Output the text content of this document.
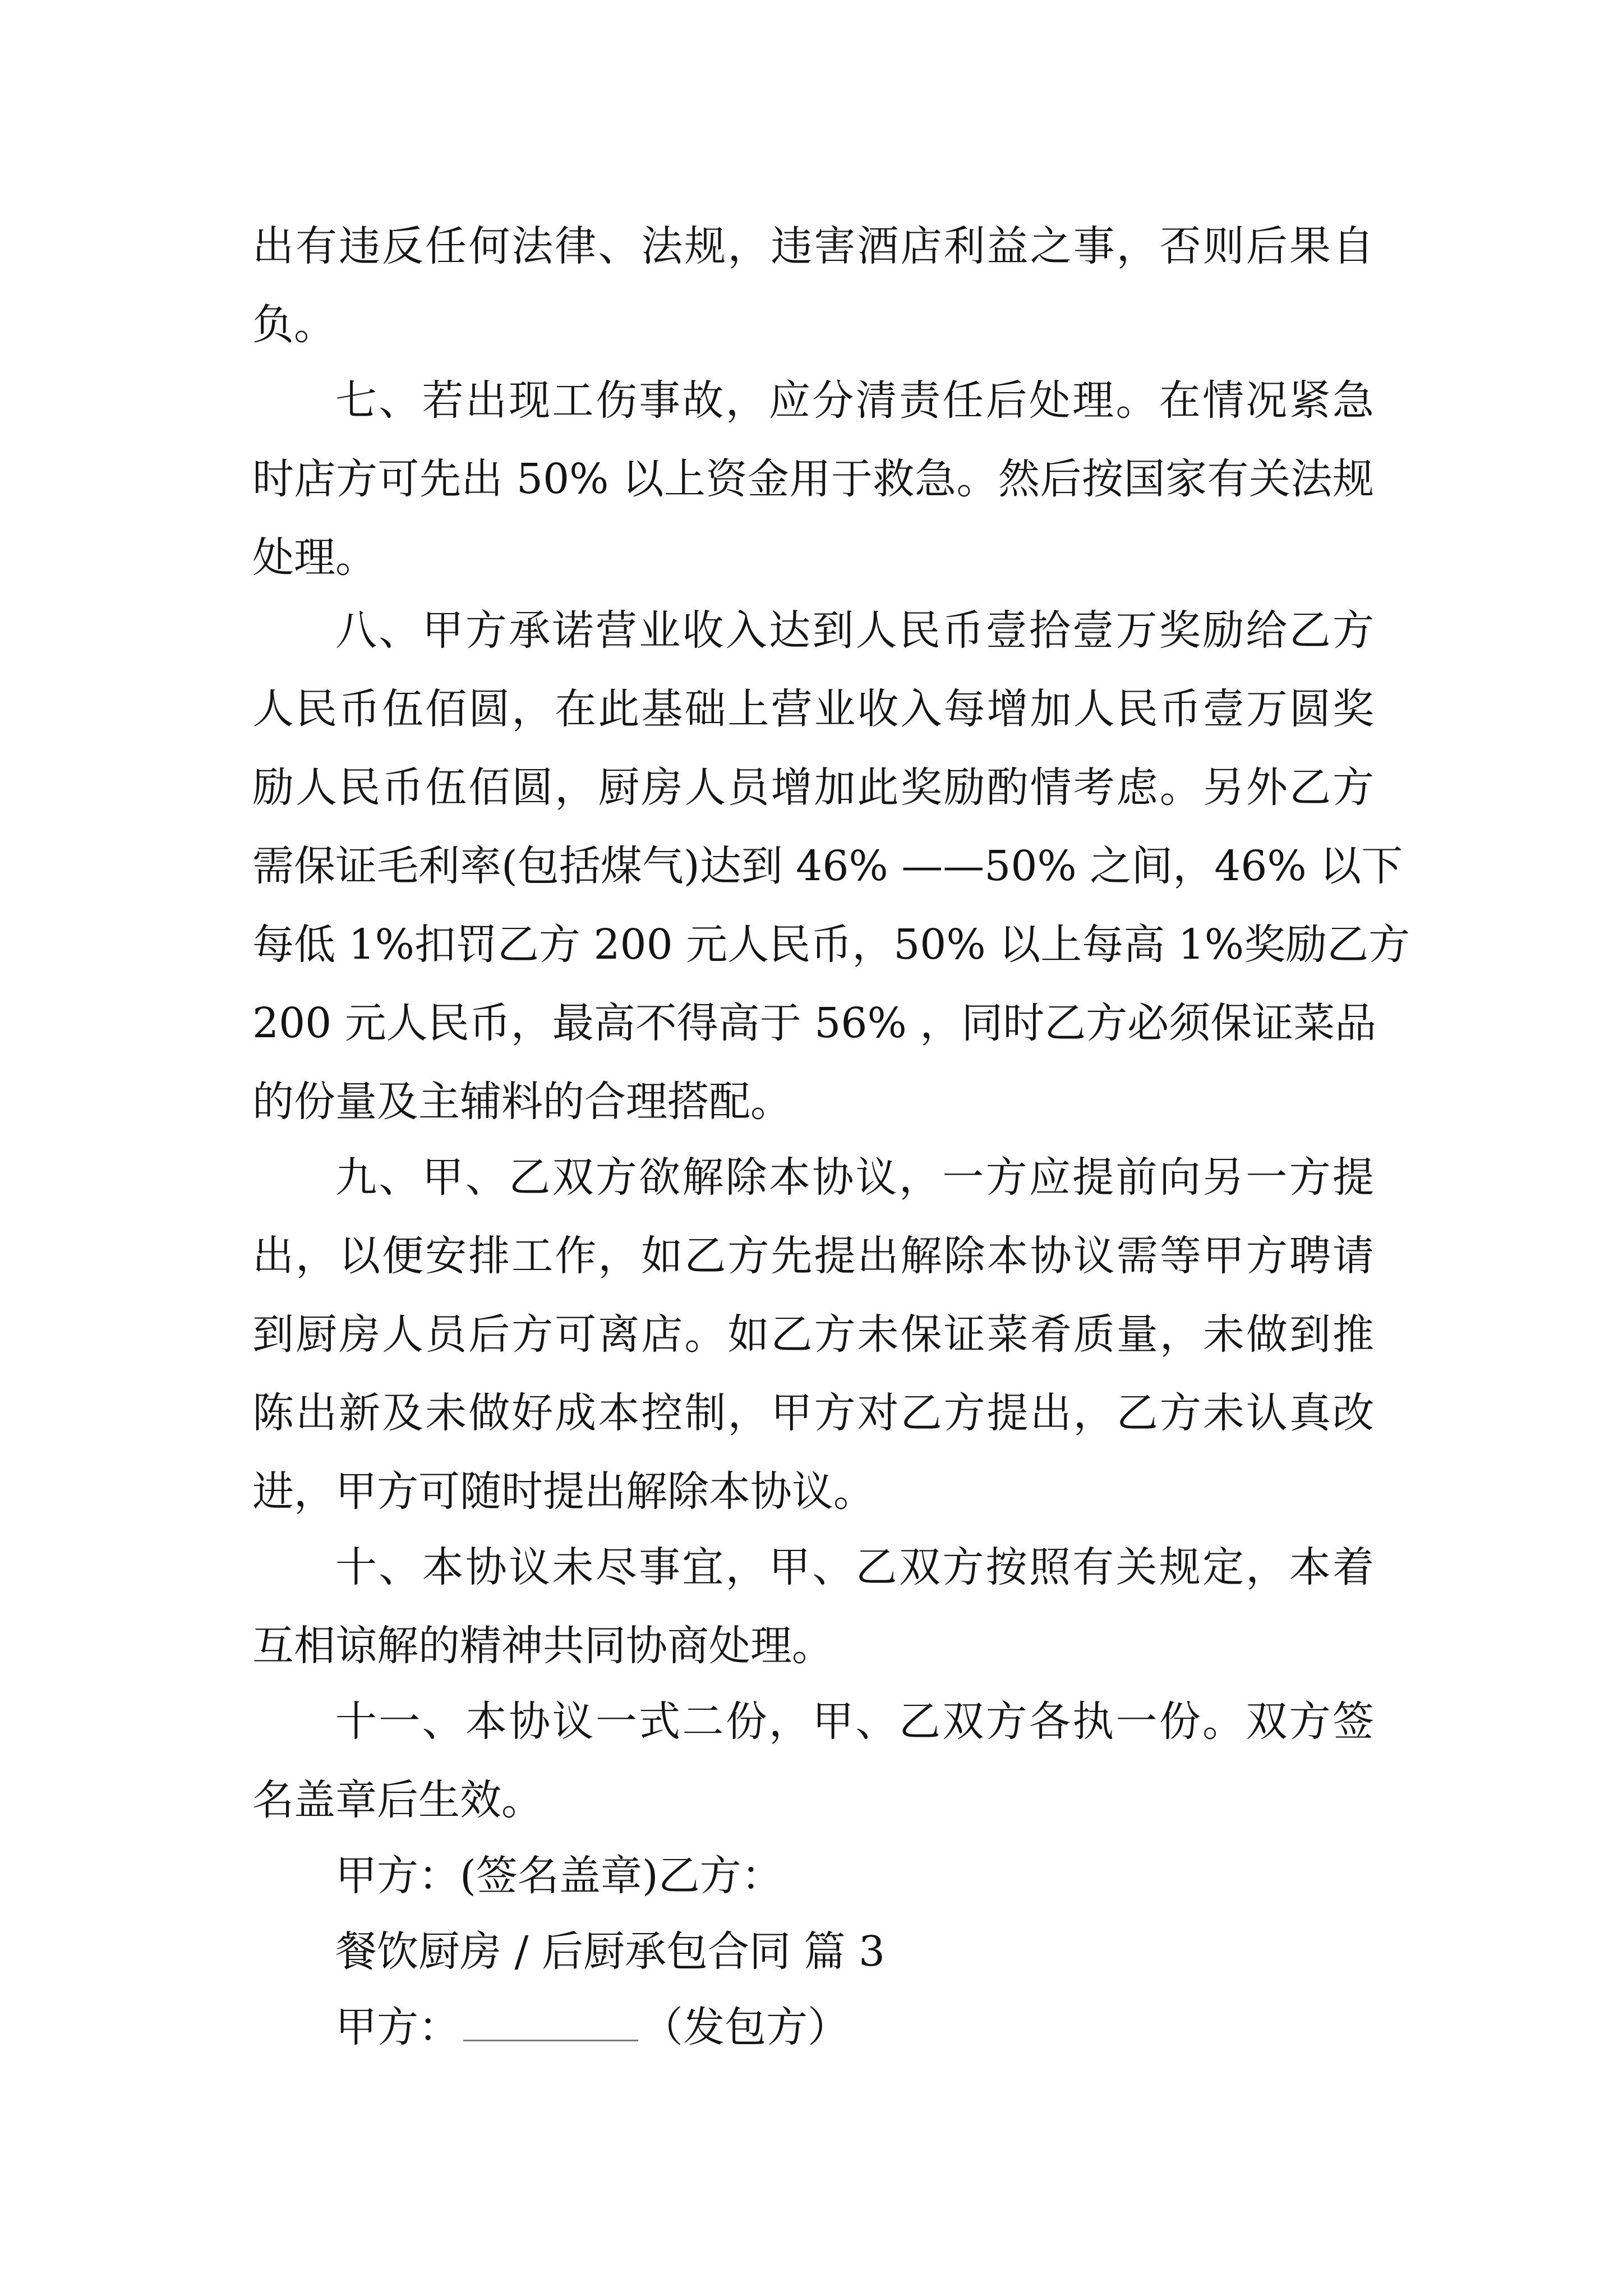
出有违反任何法律、法规，违害酒店利益之事，否则后果自
负。
七、若出现工伤事故，应分清责任后处理。在情况紧急
时店方可先出 50% 以上资金用于救急。然后按国家有关法规
处理。
八、甲方承诺营业收入达到人民币壹拾壹万奖励给乙方
人民币伍佰圆，在此基础上营业收入每增加人民币壹万圆奖
励人民币伍佰圆，厨房人员增加此奖励酌情考虑。另外乙方
需保证毛利率(包括煤气)达到 46% ——50% 之间，46% 以下
每低 1%扣罚乙方 200 元人民币，50% 以上每高 1%奖励乙方
200 元人民币，最高不得高于 56% ，同时乙方必须保证菜品
的份量及主辅料的合理搭配。
九、甲、乙双方欲解除本协议，一方应提前向另一方提
出，以便安排工作，如乙方先提出解除本协议需等甲方聘请
到厨房人员后方可离店。如乙方未保证菜肴质量，未做到推
陈出新及未做好成本控制，甲方对乙方提出，乙方未认真改
进，甲方可随时提出解除本协议。
十、本协议未尽事宜，甲、乙双方按照有关规定，本着
互相谅解的精神共同协商处理。
十一、本协议一式二份，甲、乙双方各执一份。双方签
名盖章后生效。
甲方：(签名盖章)乙方：
餐饮厨房 / 后厨承包合同 篇 3
甲方：	（发包方）
